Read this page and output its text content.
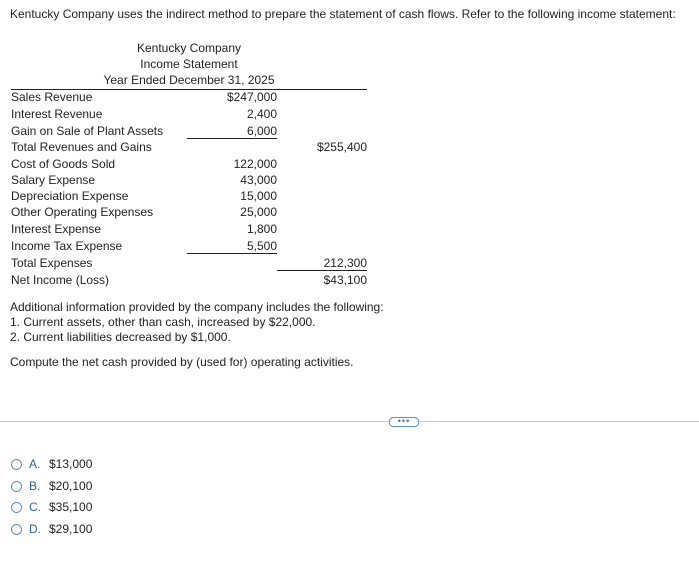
Kentucky Company uses the indirect method to prepare the statement of cash flows. Refer to the following income statement:
Kentucky Company
Income Statement
Year Ended December 31, 2025
Sales Revenue	$247,000
Interest Revenue	2,400
Gain on Sale of Plant Assets	6,000
Total Revenues and Gains	$255,400
Cost of Goods Sold	122,000
Salary Expense	43,000
Depreciation Expense	15,000
Other Operating Expenses	25,000
Interest Expense	1,800
Income Tax Expense	5,500
Total Expenses	212,300
Net Income (Loss)	$43,100
Additional information provided by the company includes the following:
1. Current assets, other than cash, increased by $22,000.
2. Current liabilities decreased by $1,000.
Compute the net cash provided by (used for) operating activities.
•••
A. $13,000
B. $20,100
C. $35,100
D. $29,100
